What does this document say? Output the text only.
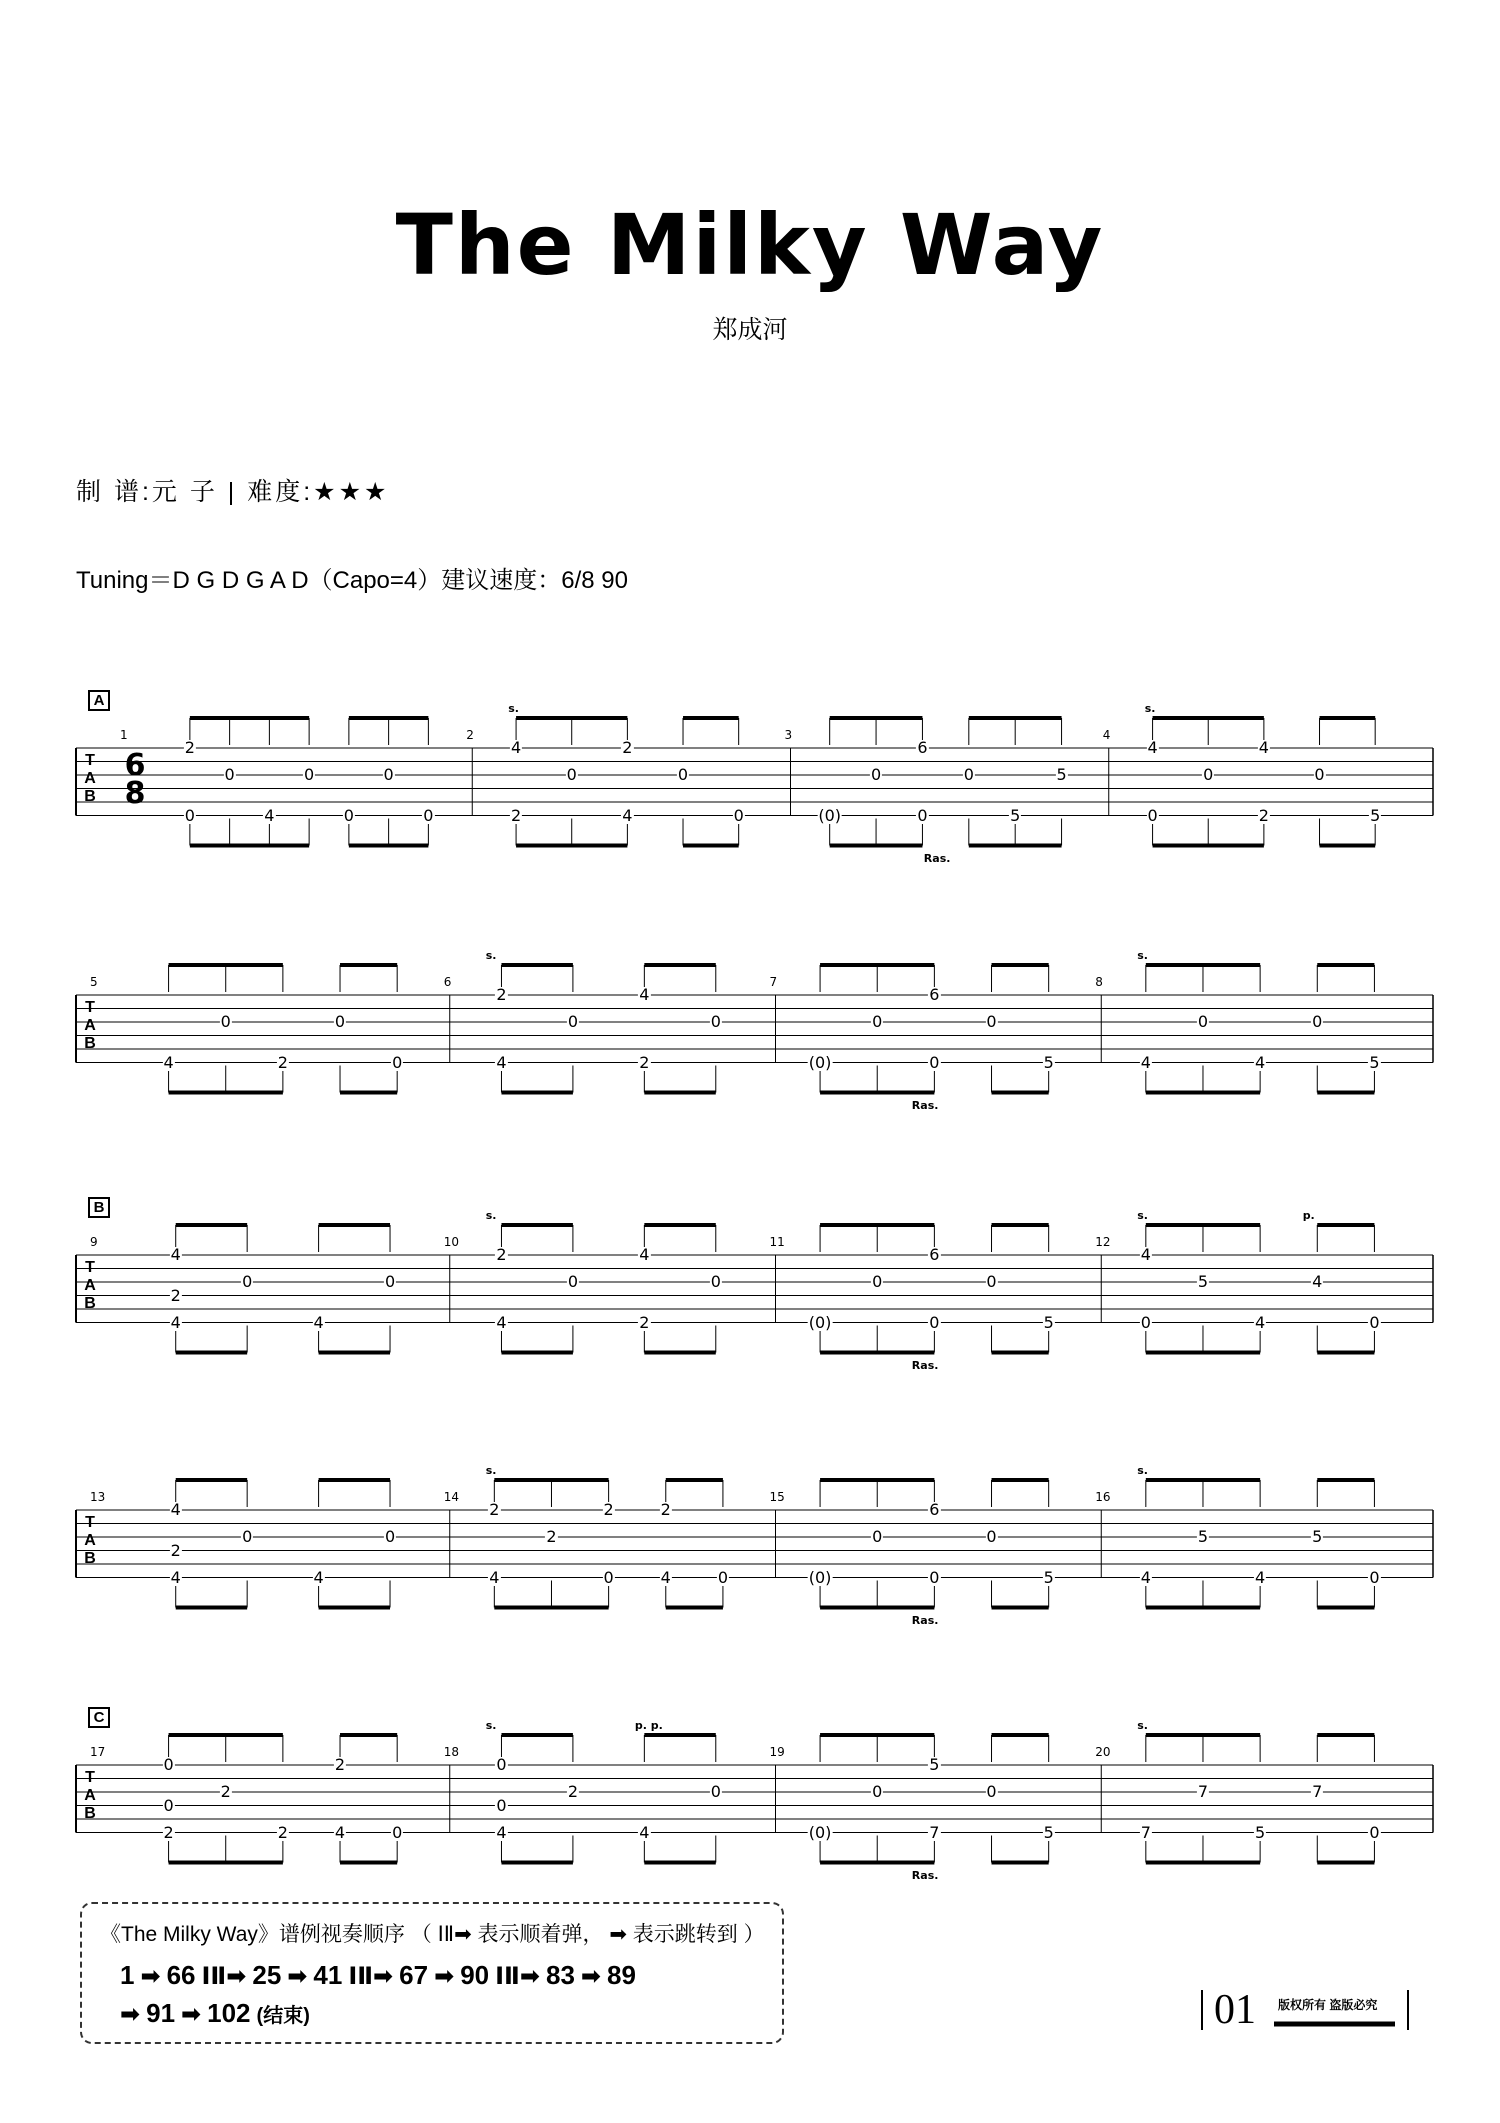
The Milky Way
郑成河
制 谱:元 子 | 难度:★★★
Tuning＝D G D G A D（Capo=4）建议速度：6/8 90
A
T
A
B
6
8
1
2
0
0
4
0
0
0
0
2
4
2
0
2
4
0
0
s.
3
(0)
0
6
0
0
5
5
Ras.
4
4
0
0
4
2
0
5
s.
T
A
B
5
4
0
2
0
0
6
2
4
0
4
2
0
s.
7
(0)
0
6
0
0
5
Ras.
8
4
0
4
0
5
s.
B
T
A
B
9
4
2
4
0
4
0
10
2
4
0
4
2
0
s.
11
(0)
0
6
0
0
5
Ras.
12
4
0
5
4
4
0
s.	p.
T
A
B
13
4
2
4
0
4
0
14
2
4
2
2
0
2
4	0
s.
15
(0)
0
6
0
0
5
Ras.
16
4
5
4
5
0
s.
C
T
A
B
17
0
0
2
2
2
2
4	0
18
0
0
4
2
4
0
s.	p. p.
19
(0)
0
5
7
0
5
Ras.
20
7
7
5
7
0
s.
《The Milky Way》谱例视奏顺序 （ ⅠⅡ➡ 表示顺着弹， ➡ 表示跳转到 ）
1 ➡ 66 ⅠⅡ➡ 25 ➡ 41 ⅠⅡ➡ 67 ➡ 90 ⅠⅡ➡ 83 ➡ 89
➡ 91 ➡ 102 (结束)	01 版权所有 盗版必究
